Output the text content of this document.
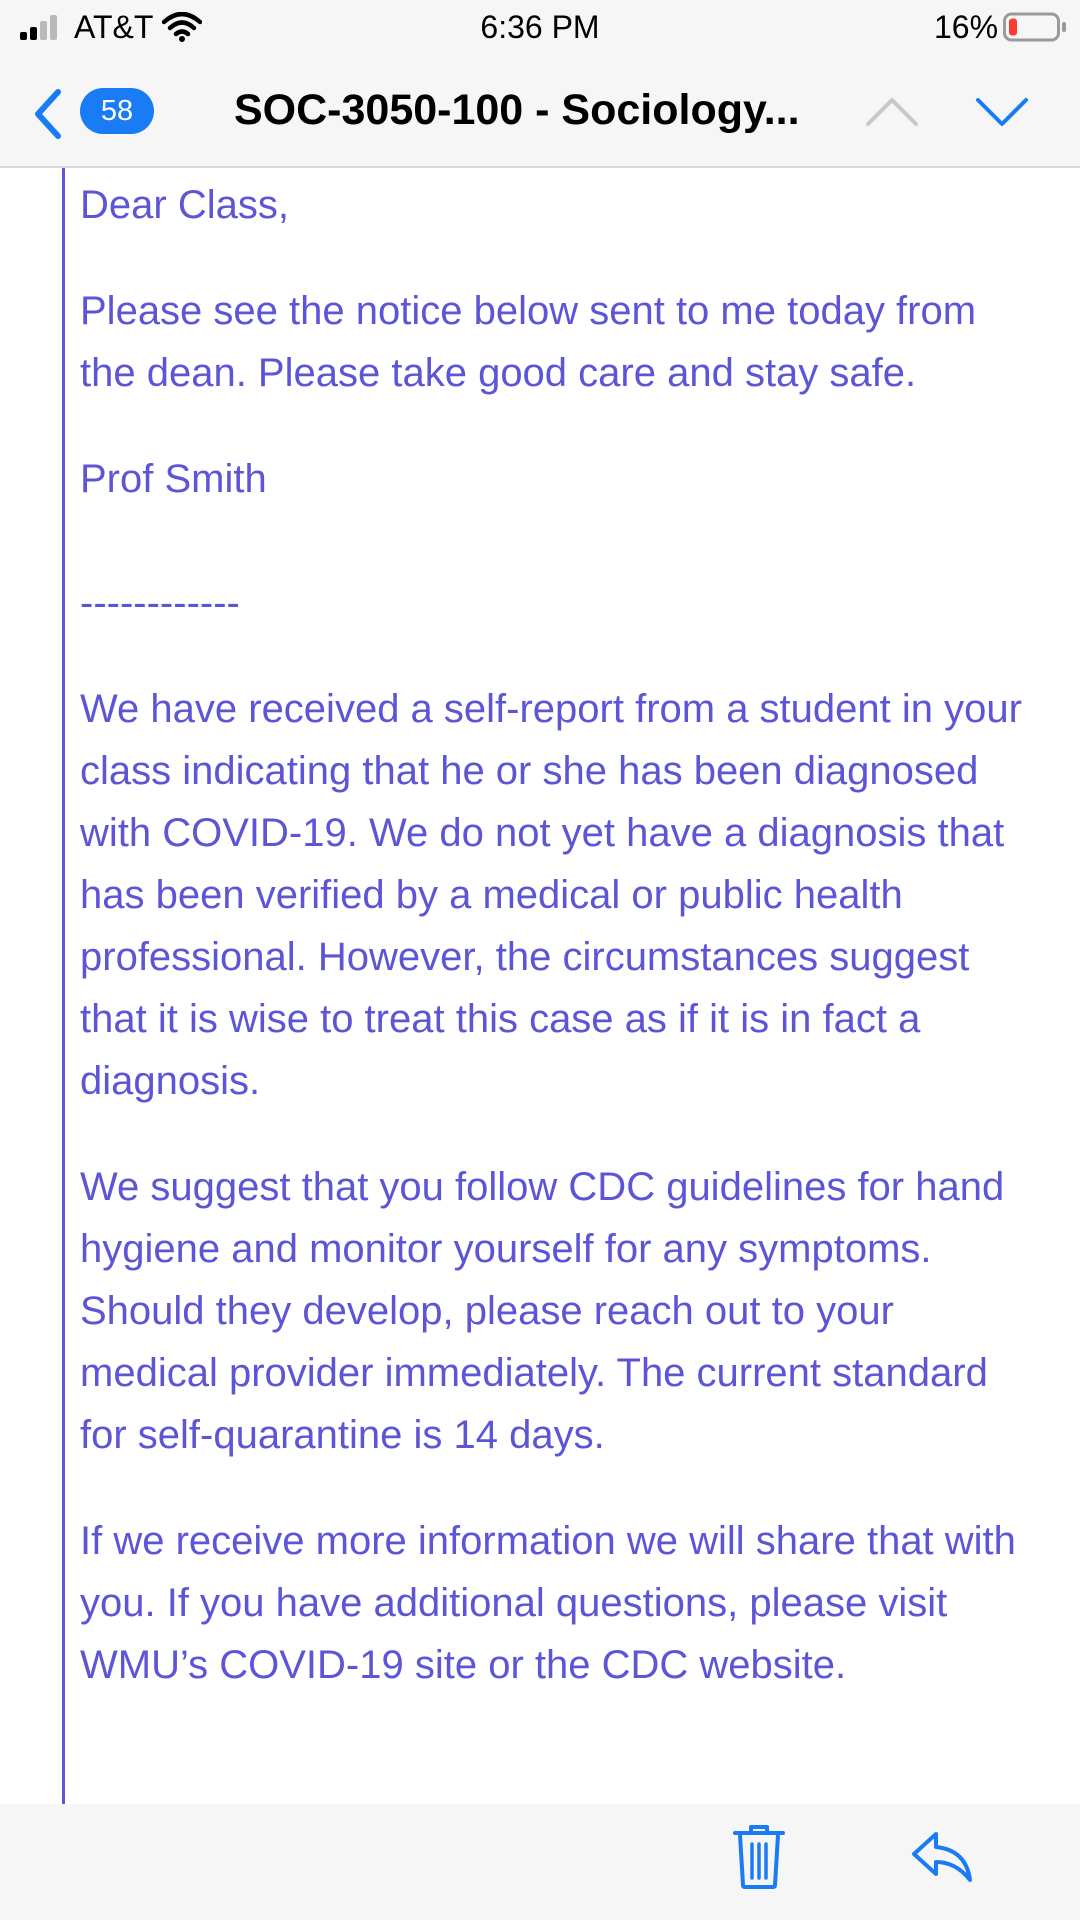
AT&T	6:36 PM	16%
58	SOC-3050-100 - Sociology...

Dear Class,

Please see the notice below sent to me today from the dean. Please take good care and stay safe.

Prof Smith

------------

We have received a self-report from a student in your class indicating that he or she has been diagnosed with COVID-19. We do not yet have a diagnosis that has been verified by a medical or public health professional. However, the circumstances suggest that it is wise to treat this case as if it is in fact a diagnosis.

We suggest that you follow CDC guidelines for hand hygiene and monitor yourself for any symptoms. Should they develop, please reach out to your medical provider immediately. The current standard for self-quarantine is 14 days.

If we receive more information we will share that with you. If you have additional questions, please visit WMU’s COVID-19 site or the CDC website.
